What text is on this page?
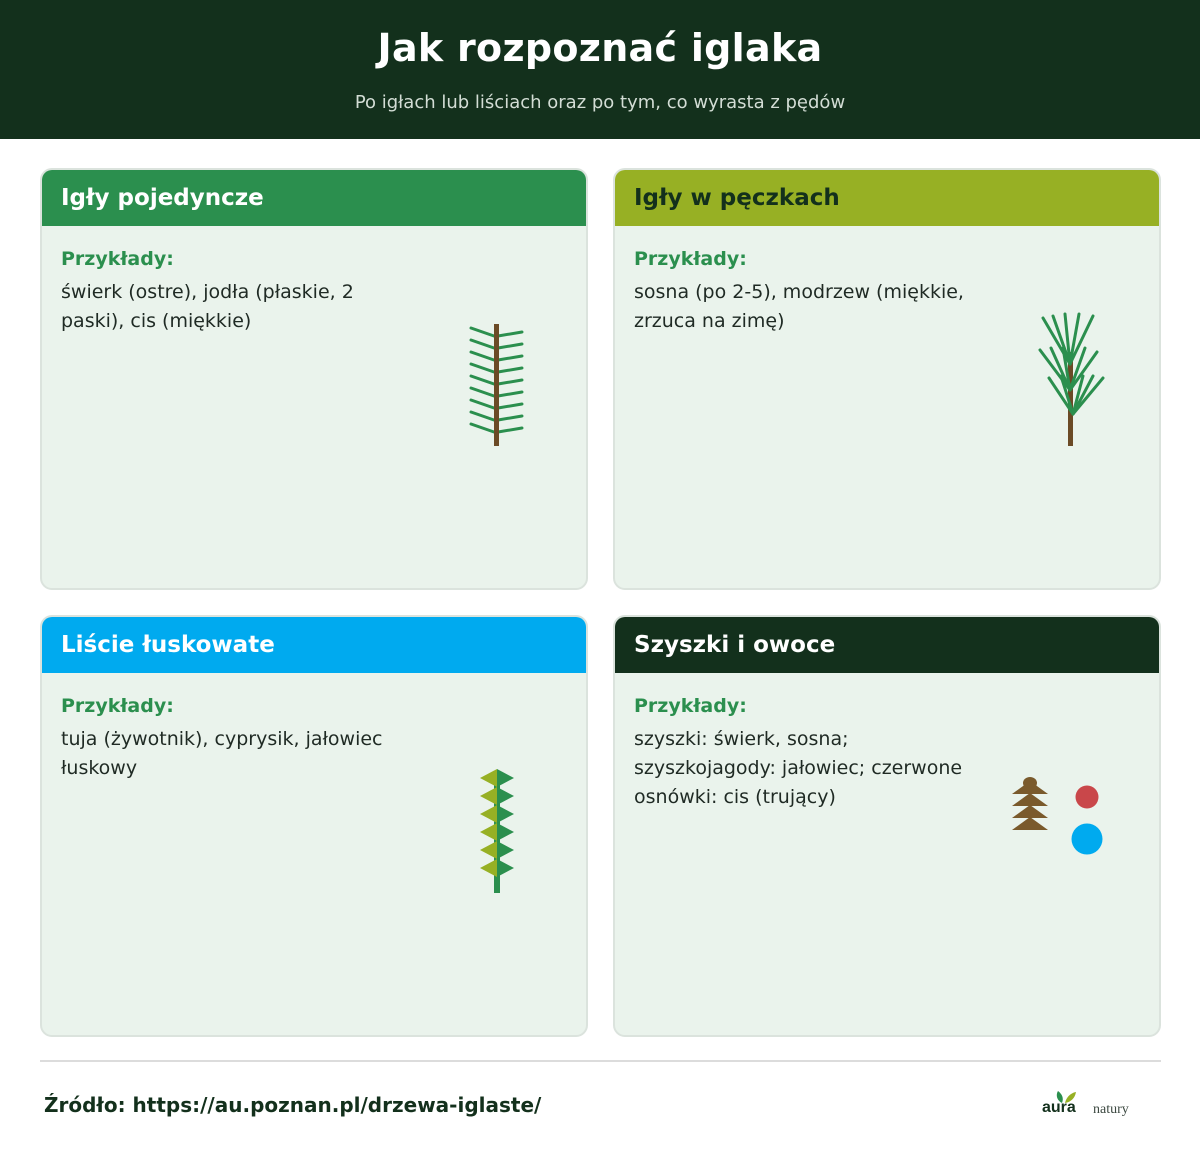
Jak rozpoznać iglaka
Po igłach lub liściach oraz po tym, co wyrasta z pędów
Igły pojedyncze
Przykłady:
świerk (ostre), jodła (płaskie, 2 paski), cis (miękkie)
Igły w pęczkach
Przykłady:
sosna (po 2-5), modrzew (miękkie, zrzuca na zimę)
Liście łuskowate
Przykłady:
tuja (żywotnik), cyprysik, jałowiec łuskowy
Szyszki i owoce
Przykłady:
szyszki: świerk, sosna; szyszkojagody: jałowiec; czerwone osnówki: cis (trujący)
Źródło: https://au.poznan.pl/drzewa-iglaste/	aura natury
